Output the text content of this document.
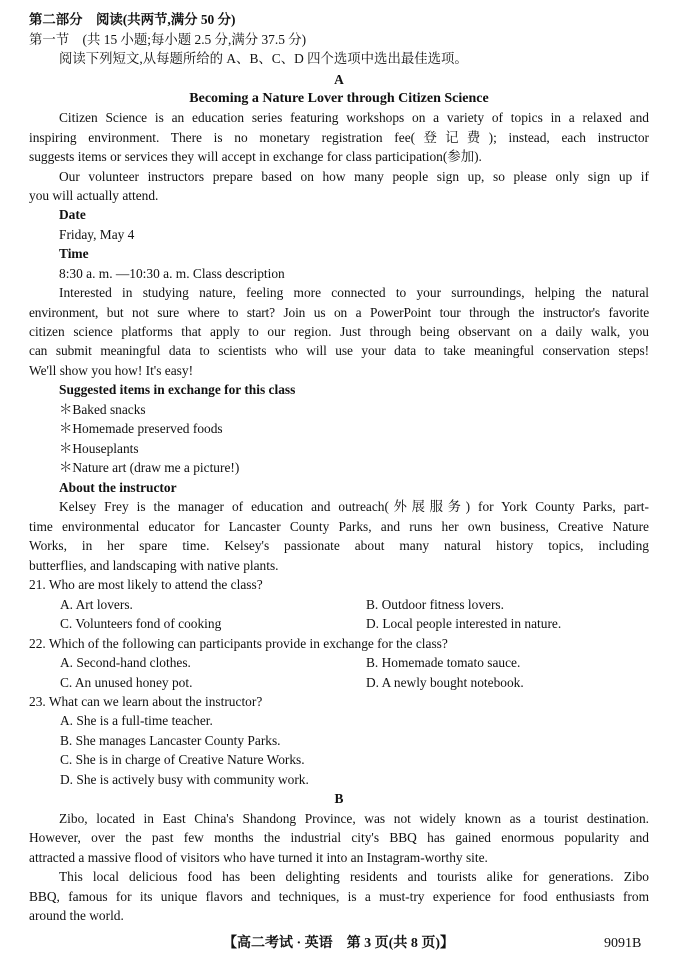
第二部分　阅读(共两节,满分 50 分)
第一节　(共 15 小题;每小题 2.5 分,满分 37.5 分)
阅读下列短文,从每题所给的 A、B、C、D 四个选项中选出最佳选项。
A
Becoming a Nature Lover through Citizen Science
Citizen Science is an education series featuring workshops on a variety of topics in a relaxed and
inspiring environment. There is no monetary registration fee(登记费); instead, each instructor
suggests items or services they will accept in exchange for class participation(参加).
Our volunteer instructors prepare based on how many people sign up, so please only sign up if
you will actually attend.
Date
Friday, May 4
Time
8:30 a. m. —10:30 a. m. Class description
Interested in studying nature, feeling more connected to your surroundings, helping the natural
environment, but not sure where to start? Join us on a PowerPoint tour through the instructor's favorite
citizen science platforms that apply to our region. Just through being observant on a daily walk, you
can submit meaningful data to scientists who will use your data to take meaningful conservation steps!
We'll show you how! It's easy!
Suggested items in exchange for this class
＊Baked snacks
＊Homemade preserved foods
＊Houseplants
＊Nature art (draw me a picture!)
About the instructor
Kelsey Frey is the manager of education and outreach(外展服务) for York County Parks, part-
time environmental educator for Lancaster County Parks, and runs her own business, Creative Nature
Works, in her spare time. Kelsey's passionate about many natural history topics, including
butterflies, and landscaping with native plants.
21. Who are most likely to attend the class?
A. Art lovers.	B. Outdoor fitness lovers.
C. Volunteers fond of cooking	D. Local people interested in nature.
22. Which of the following can participants provide in exchange for the class?
A. Second-hand clothes.	B. Homemade tomato sauce.
C. An unused honey pot.	D. A newly bought notebook.
23. What can we learn about the instructor?
A. She is a full-time teacher.
B. She manages Lancaster County Parks.
C. She is in charge of Creative Nature Works.
D. She is actively busy with community work.
B
Zibo, located in East China's Shandong Province, was not widely known as a tourist destination.
However, over the past few months the industrial city's BBQ has gained enormous popularity and
attracted a massive flood of visitors who have turned it into an Instagram-worthy site.
This local delicious food has been delighting residents and tourists alike for generations. Zibo
BBQ, famous for its unique flavors and techniques, is a must-try experience for food enthusiasts from
around the world.
【高二考试 · 英语　第 3 页(共 8 页)】	9091B
